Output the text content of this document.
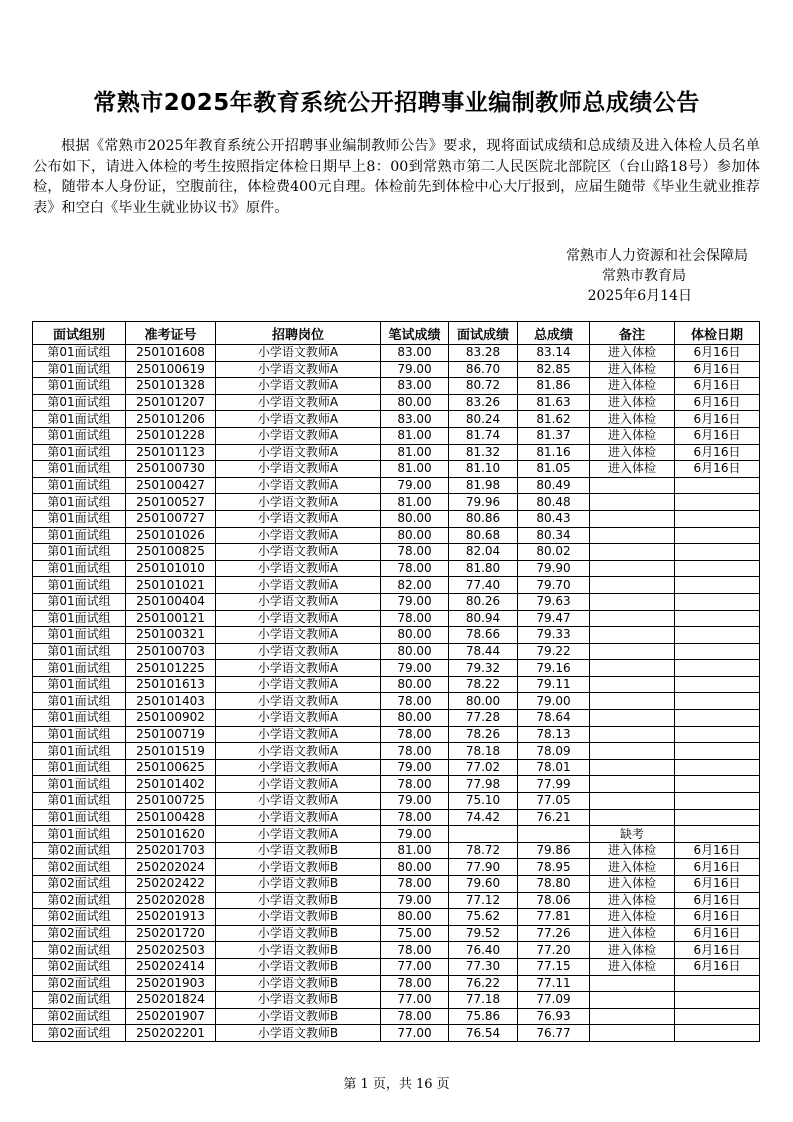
常熟市2025年教育系统公开招聘事业编制教师总成绩公告
根据《常熟市2025年教育系统公开招聘事业编制教师公告》要求，现将面试成绩和总成绩及进入体检人员名单公布如下，请进入体检的考生按照指定体检日期早上8：00到常熟市第二人民医院北部院区（台山路18号）参加体检，随带本人身份证，空腹前往，体检费400元自理。体检前先到体检中心大厅报到，应届生随带《毕业生就业推荐表》和空白《毕业生就业协议书》原件。
常熟市人力资源和社会保障局
常熟市教育局
2025年6月14日
面试组别	准考证号	招聘岗位	笔试成绩	面试成绩	总成绩	备注	体检日期
第01面试组	250101608	小学语文教师A	83.00	83.28	83.14	进入体检	6月16日
第01面试组	250100619	小学语文教师A	79.00	86.70	82.85	进入体检	6月16日
第01面试组	250101328	小学语文教师A	83.00	80.72	81.86	进入体检	6月16日
第01面试组	250101207	小学语文教师A	80.00	83.26	81.63	进入体检	6月16日
第01面试组	250101206	小学语文教师A	83.00	80.24	81.62	进入体检	6月16日
第01面试组	250101228	小学语文教师A	81.00	81.74	81.37	进入体检	6月16日
第01面试组	250101123	小学语文教师A	81.00	81.32	81.16	进入体检	6月16日
第01面试组	250100730	小学语文教师A	81.00	81.10	81.05	进入体检	6月16日
第01面试组	250100427	小学语文教师A	79.00	81.98	80.49		
第01面试组	250100527	小学语文教师A	81.00	79.96	80.48		
第01面试组	250100727	小学语文教师A	80.00	80.86	80.43		
第01面试组	250101026	小学语文教师A	80.00	80.68	80.34		
第01面试组	250100825	小学语文教师A	78.00	82.04	80.02		
第01面试组	250101010	小学语文教师A	78.00	81.80	79.90		
第01面试组	250101021	小学语文教师A	82.00	77.40	79.70		
第01面试组	250100404	小学语文教师A	79.00	80.26	79.63		
第01面试组	250100121	小学语文教师A	78.00	80.94	79.47		
第01面试组	250100321	小学语文教师A	80.00	78.66	79.33		
第01面试组	250100703	小学语文教师A	80.00	78.44	79.22		
第01面试组	250101225	小学语文教师A	79.00	79.32	79.16		
第01面试组	250101613	小学语文教师A	80.00	78.22	79.11		
第01面试组	250101403	小学语文教师A	78.00	80.00	79.00		
第01面试组	250100902	小学语文教师A	80.00	77.28	78.64		
第01面试组	250100719	小学语文教师A	78.00	78.26	78.13		
第01面试组	250101519	小学语文教师A	78.00	78.18	78.09		
第01面试组	250100625	小学语文教师A	79.00	77.02	78.01		
第01面试组	250101402	小学语文教师A	78.00	77.98	77.99		
第01面试组	250100725	小学语文教师A	79.00	75.10	77.05		
第01面试组	250100428	小学语文教师A	78.00	74.42	76.21		
第01面试组	250101620	小学语文教师A	79.00			缺考	
第02面试组	250201703	小学语文教师B	81.00	78.72	79.86	进入体检	6月16日
第02面试组	250202024	小学语文教师B	80.00	77.90	78.95	进入体检	6月16日
第02面试组	250202422	小学语文教师B	78.00	79.60	78.80	进入体检	6月16日
第02面试组	250202028	小学语文教师B	79.00	77.12	78.06	进入体检	6月16日
第02面试组	250201913	小学语文教师B	80.00	75.62	77.81	进入体检	6月16日
第02面试组	250201720	小学语文教师B	75.00	79.52	77.26	进入体检	6月16日
第02面试组	250202503	小学语文教师B	78.00	76.40	77.20	进入体检	6月16日
第02面试组	250202414	小学语文教师B	77.00	77.30	77.15	进入体检	6月16日
第02面试组	250201903	小学语文教师B	78.00	76.22	77.11		
第02面试组	250201824	小学语文教师B	77.00	77.18	77.09		
第02面试组	250201907	小学语文教师B	78.00	75.86	76.93		
第02面试组	250202201	小学语文教师B	77.00	76.54	76.77		
第 1 页，共 16 页
